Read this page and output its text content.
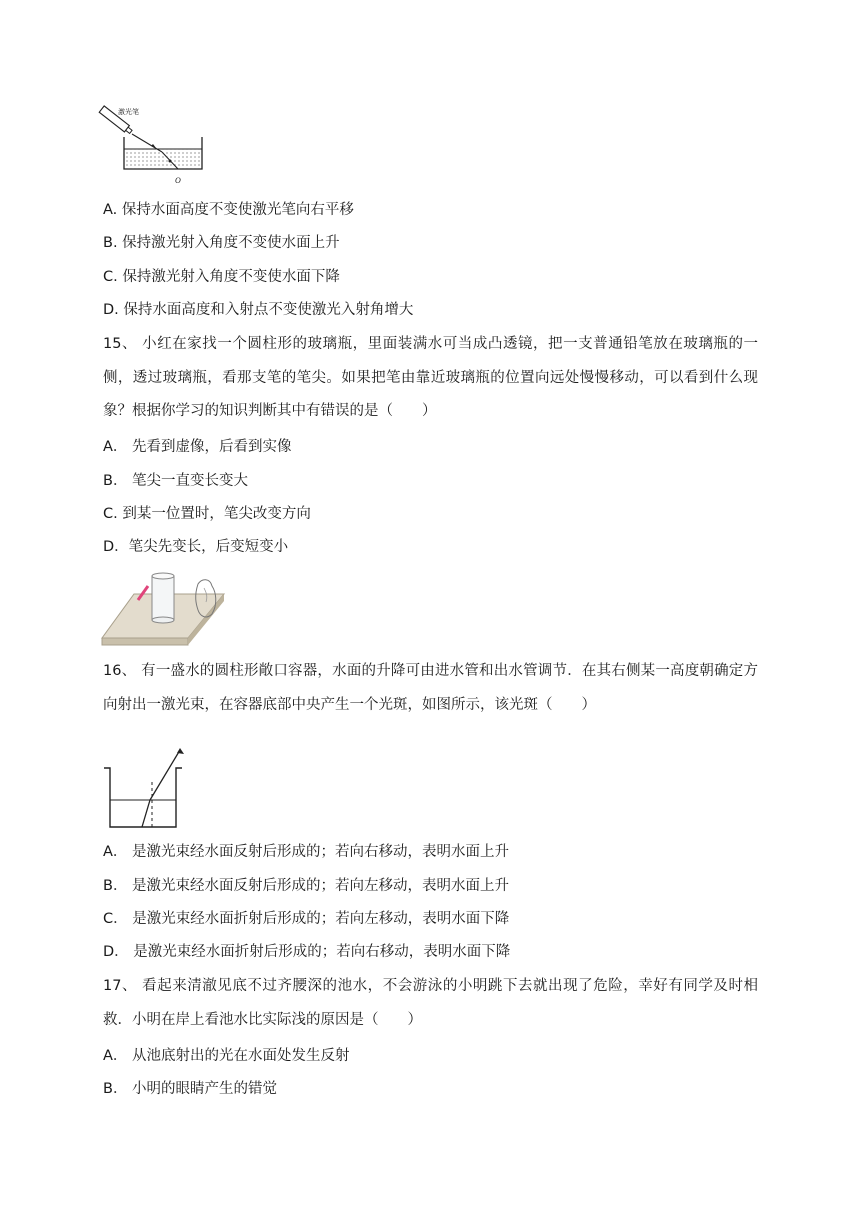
O
激光笔
A. 保持水面高度不变使激光笔向右平移
B. 保持激光射入角度不变使水面上升
C. 保持激光射入角度不变使水面下降
D. 保持水面高度和入射点不变使激光入射角增大
15、 小红在家找一个圆柱形的玻璃瓶，里面装满水可当成凸透镜，把一支普通铅笔放在玻璃瓶的一侧，透过玻璃瓶，看那支笔的笔尖。如果把笔由靠近玻璃瓶的位置向远处慢慢移动，可以看到什么现象？根据你学习的知识判断其中有错误的是（　　）
A． 先看到虚像，后看到实像
B． 笔尖一直变长变大
C. 到某一位置时，笔尖改变方向
D．笔尖先变长，后变短变小
16、 有一盛水的圆柱形敞口容器，水面的升降可由进水管和出水管调节．在其右侧某一高度朝确定方向射出一激光束，在容器底部中央产生一个光斑，如图所示，该光斑（　　）
A． 是激光束经水面反射后形成的；若向右移动，表明水面上升
B． 是激光束经水面反射后形成的；若向左移动，表明水面上升
C． 是激光束经水面折射后形成的；若向左移动，表明水面下降
D． 是激光束经水面折射后形成的；若向右移动，表明水面下降
17、 看起来清澈见底不过齐腰深的池水，不会游泳的小明跳下去就出现了危险，幸好有同学及时相救．小明在岸上看池水比实际浅的原因是（　　）
A． 从池底射出的光在水面处发生反射
B． 小明的眼睛产生的错觉
